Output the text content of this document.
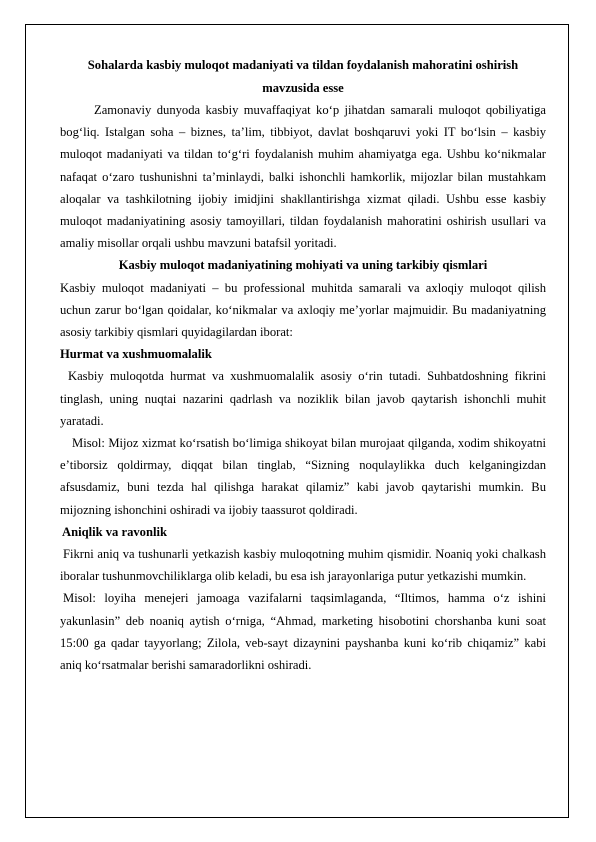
Sohalarda kasbiy muloqot madaniyati va tildan foydalanish mahoratini oshirish mavzusida esse

Zamonaviy dunyoda kasbiy muvaffaqiyat koʻp jihatdan samarali muloqot qobiliyatiga bogʻliq. Istalgan soha – biznes, taʼlim, tibbiyot, davlat boshqaruvi yoki IT boʻlsin – kasbiy muloqot madaniyati va tildan toʻgʻri foydalanish muhim ahamiyatga ega. Ushbu koʻnikmalar nafaqat oʻzaro tushunishni taʼminlaydi, balki ishonchli hamkorlik, mijozlar bilan mustahkam aloqalar va tashkilotning ijobiy imidjini shakllantirishga xizmat qiladi. Ushbu esse kasbiy muloqot madaniyatining asosiy tamoyillari, tildan foydalanish mahoratini oshirish usullari va amaliy misollar orqali ushbu mavzuni batafsil yoritadi.

Kasbiy muloqot madaniyatining mohiyati va uning tarkibiy qismlari

Kasbiy muloqot madaniyati – bu professional muhitda samarali va axloqiy muloqot qilish uchun zarur boʻlgan qoidalar, koʻnikmalar va axloqiy meʼyorlar majmuidir. Bu madaniyatning asosiy tarkibiy qismlari quyidagilardan iborat:

Hurmat va xushmuomalalik

Kasbiy muloqotda hurmat va xushmuomalalik asosiy oʻrin tutadi. Suhbatdoshning fikrini tinglash, uning nuqtai nazarini qadrlash va noziklik bilan javob qaytarish ishonchli muhit yaratadi.

Misol: Mijoz xizmat koʻrsatish boʻlimiga shikoyat bilan murojaat qilganda, xodim shikoyatni eʼtiborsiz qoldirmay, diqqat bilan tinglab, “Sizning noqulaylikka duch kelganingizdan afsusdamiz, buni tezda hal qilishga harakat qilamiz” kabi javob qaytarishi mumkin. Bu mijozning ishonchini oshiradi va ijobiy taassurot qoldiradi.

Aniqlik va ravonlik

Fikrni aniq va tushunarli yetkazish kasbiy muloqotning muhim qismidir. Noaniq yoki chalkash iboralar tushunmovchiliklarga olib keladi, bu esa ish jarayonlariga putur yetkazishi mumkin.

Misol: loyiha menejeri jamoaga vazifalarni taqsimlaganda, “Iltimos, hamma oʻz ishini yakunlasin” deb noaniq aytish oʻrniga, “Ahmad, marketing hisobotini chorshanba kuni soat 15:00 ga qadar tayyorlang; Zilola, veb-sayt dizaynini payshanba kuni koʻrib chiqamiz” kabi aniq koʻrsatmalar berishi samaradorlikni oshiradi.
